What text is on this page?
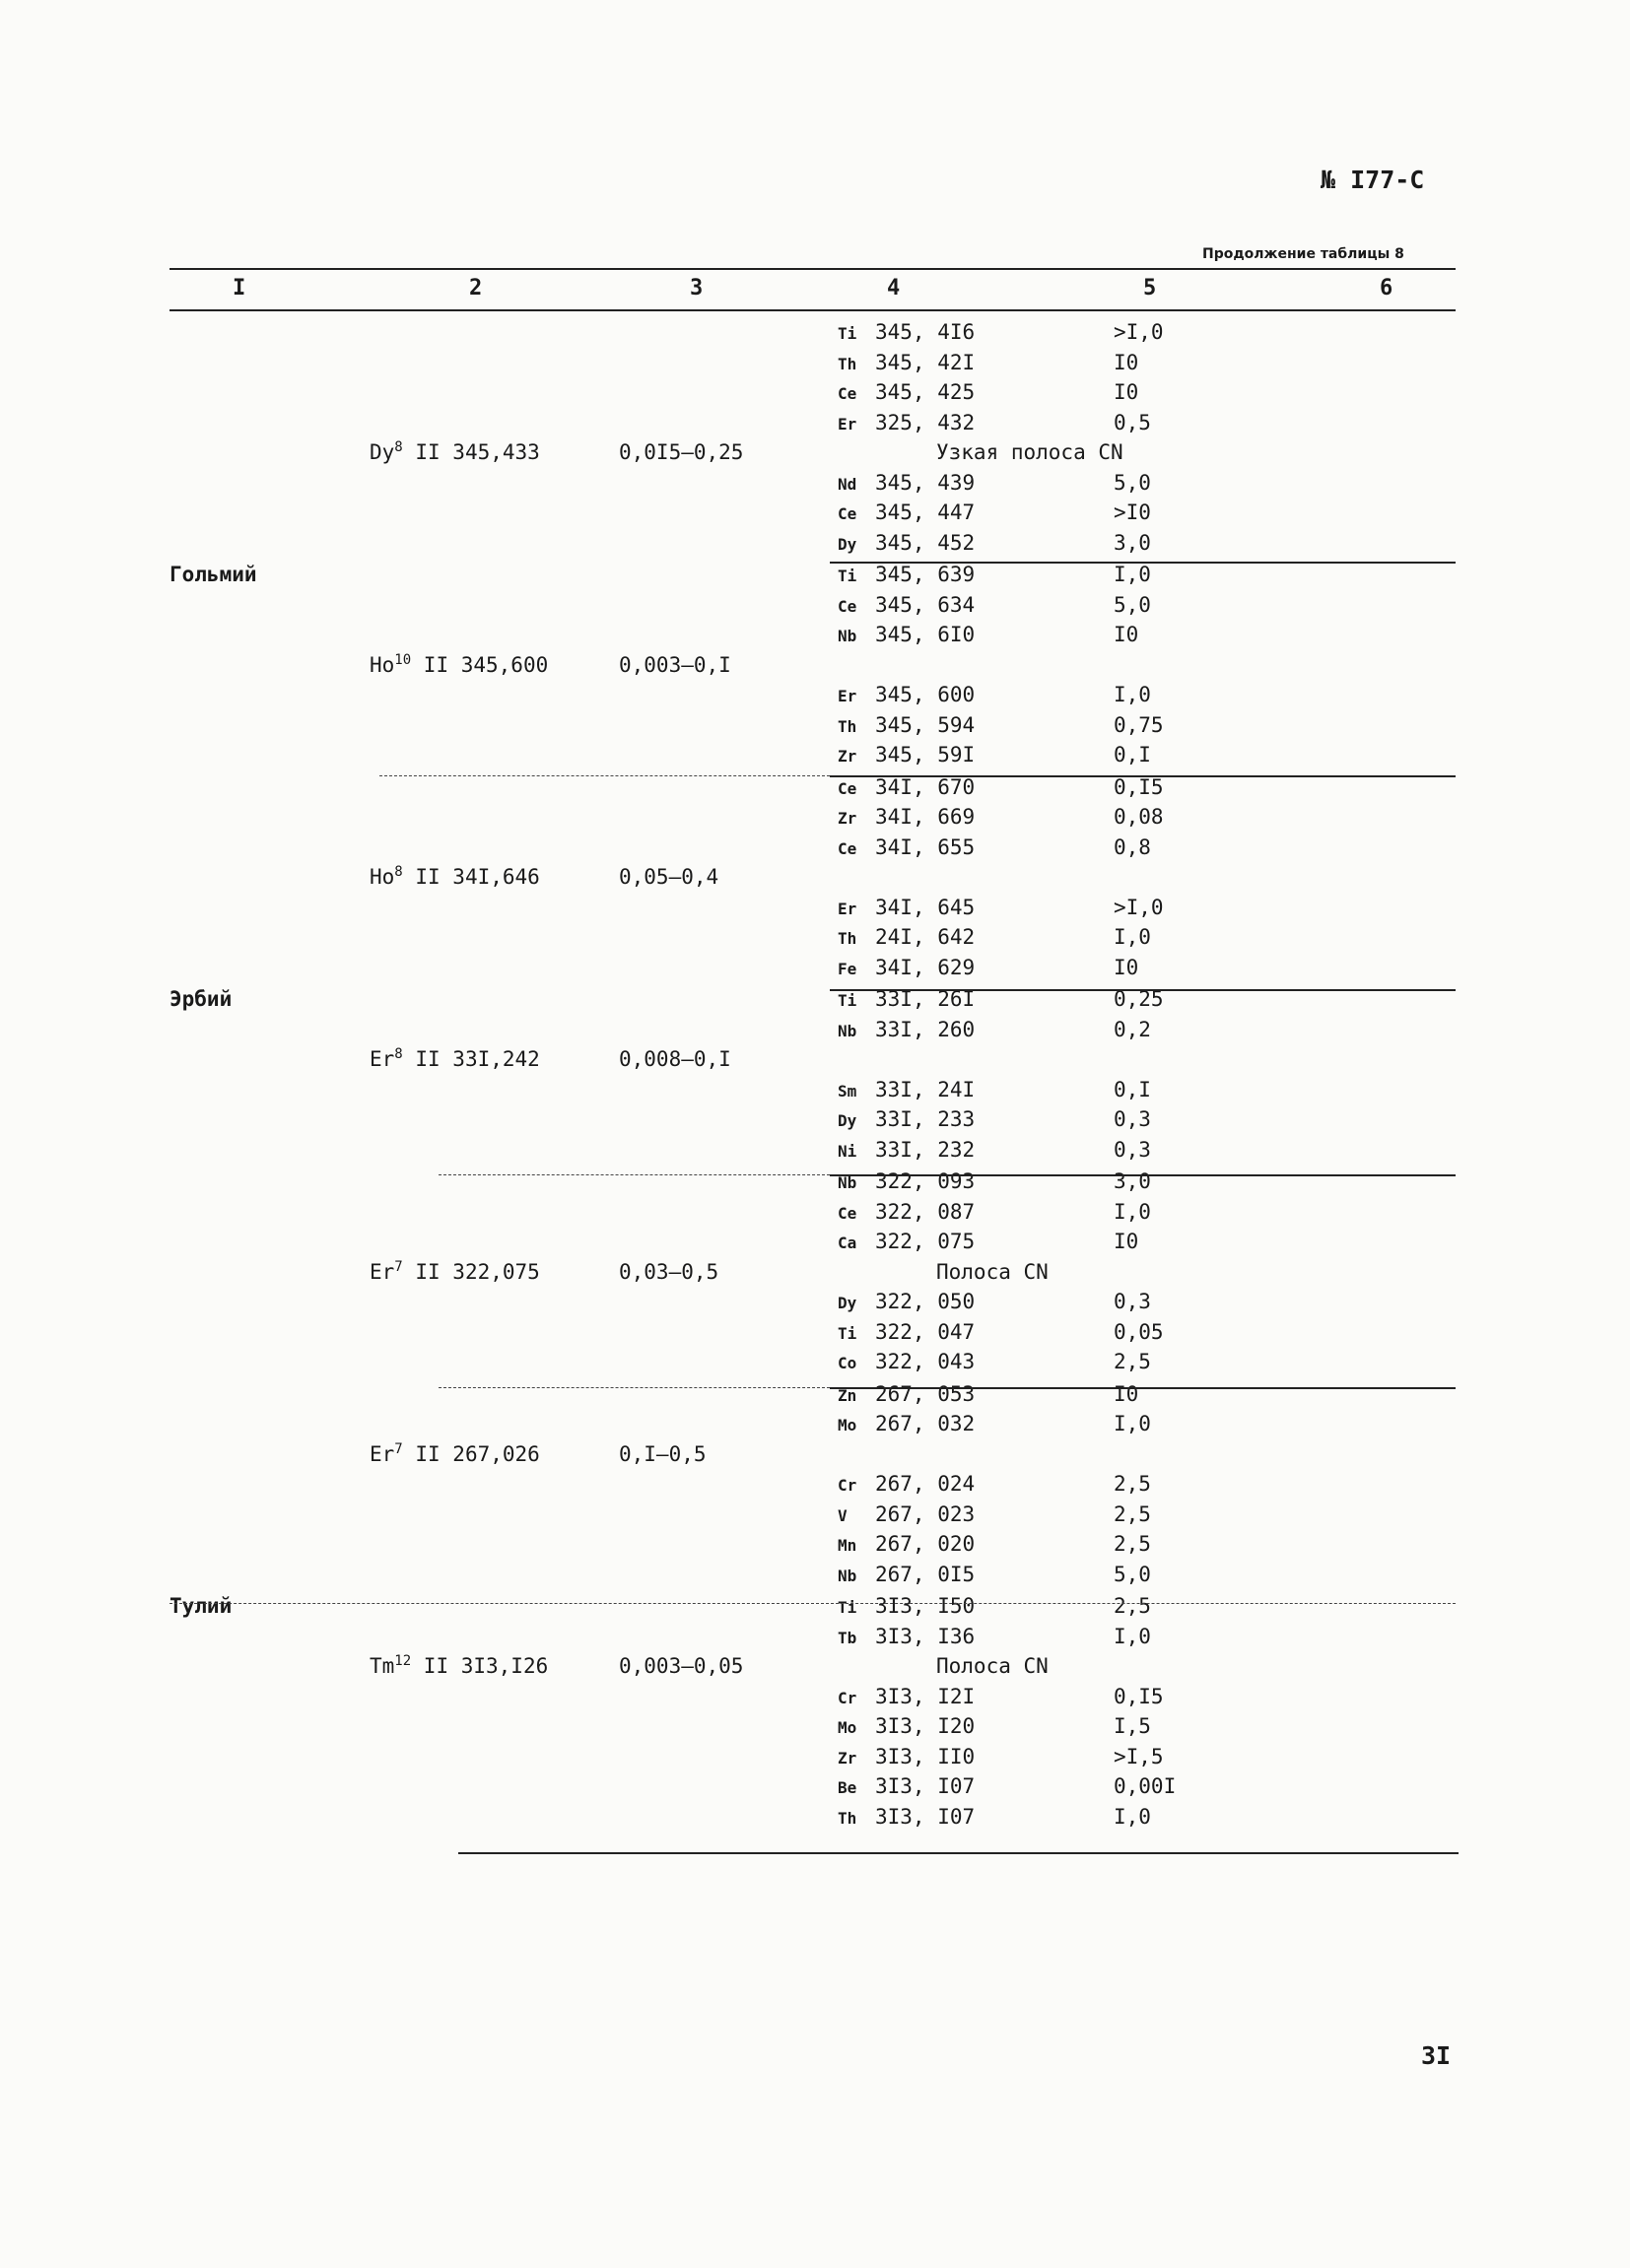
№ I77-С
Продолжение таблицы 8
I	2	3	4	5	6
Ti 345, 4I6	>I,0
Th 345, 42I	I0
Ce 345, 425	I0
Er 325, 432	0,5
Dy$^8$ II 345,433	0,0I5–0,25	Узкая полоса CN
Nd 345, 439	5,0
Ce 345, 447	>I0
Dy 345, 452	3,0
Гольмий	Ti 345, 639	I,0
Ce 345, 634	5,0
Nb 345, 6I0	I0
Ho$^{10}$ II 345,600	0,003–0,I
Er 345, 600	I,0
Th 345, 594	0,75
Zr 345, 59I	0,I
Ce 34I, 670	0,I5
Zr 34I, 669	0,08
Ce 34I, 655	0,8
Ho$^8$ II 34I,646	0,05–0,4
Er 34I, 645	>I,0
Th 24I, 642	I,0
Fe 34I, 629	I0
Эрбий	Ti 33I, 26I	0,25
Nb 33I, 260	0,2
Er$^8$ II 33I,242	0,008–0,I
Sm 33I, 24I	0,I
Dy 33I, 233	0,3
Ni 33I, 232	0,3
Nb 322, 093	3,0
Ce 322, 087	I,0
Ca 322, 075	I0
Er$^7$ II 322,075	0,03–0,5	Полоса CN
Dy 322, 050	0,3
Ti 322, 047	0,05
Co 322, 043	2,5
Zn 267, 053	I0
Mo 267, 032	I,0
Er$^7$ II 267,026	0,I–0,5
Cr 267, 024	2,5
V 267, 023	2,5
Mn 267, 020	2,5
Nb 267, 0I5	5,0
Тулий	Ti 3I3, I50	2,5
Tb 3I3, I36	I,0
Tm$^{12}$ II 3I3,I26	0,003–0,05	Полоса CN
Cr 3I3, I2I	0,I5
Mo 3I3, I20	I,5
Zr 3I3, II0	>I,5
Be 3I3, I07	0,00I
Th 3I3, I07	I,0
3I
